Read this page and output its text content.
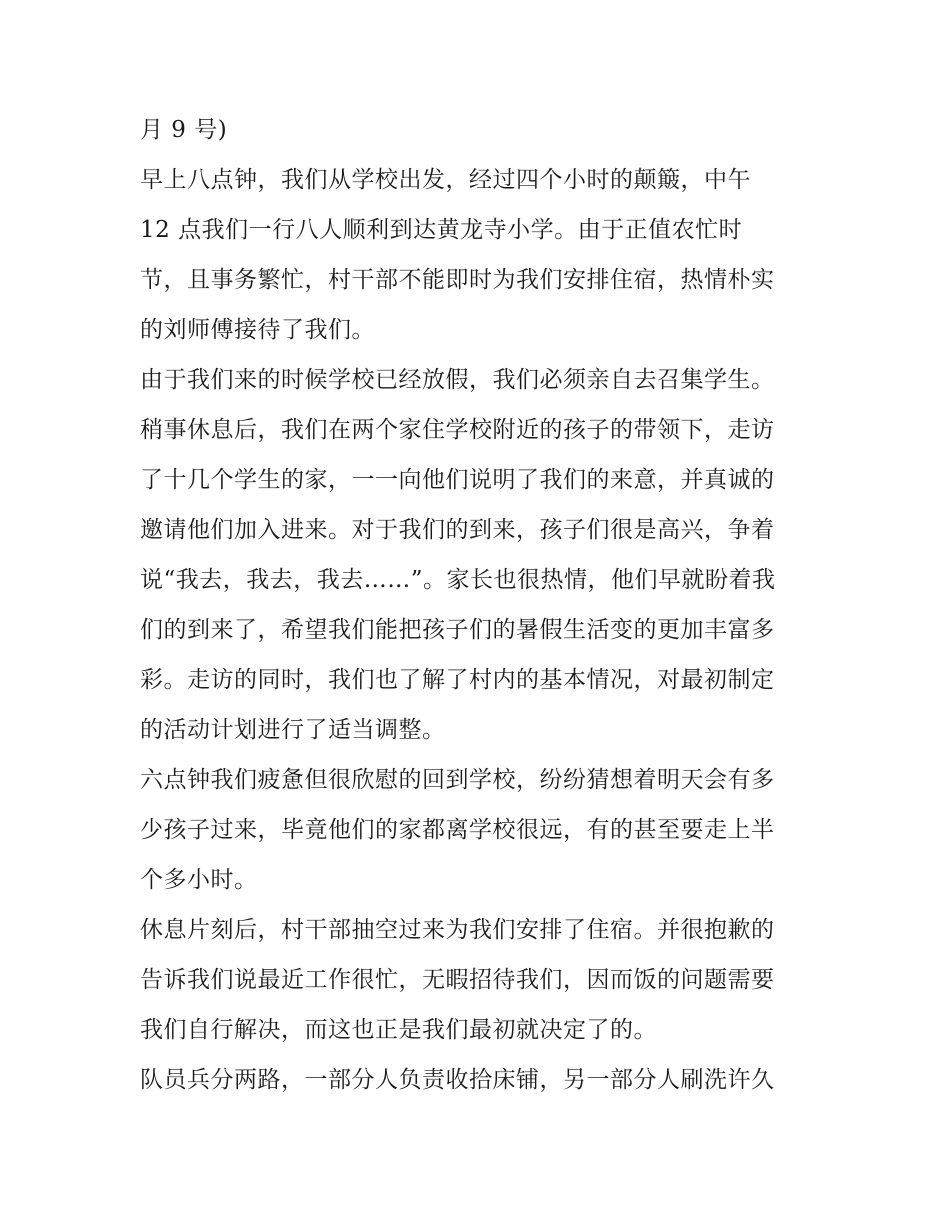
月 9 号)
早上八点钟，我们从学校出发，经过四个小时的颠簸，中午
12 点我们一行八人顺利到达黄龙寺小学。由于正值农忙时
节，且事务繁忙，村干部不能即时为我们安排住宿，热情朴实
的刘师傅接待了我们。
由于我们来的时候学校已经放假，我们必须亲自去召集学生。
稍事休息后，我们在两个家住学校附近的孩子的带领下，走访
了十几个学生的家，一一向他们说明了我们的来意，并真诚的
邀请他们加入进来。对于我们的到来，孩子们很是高兴，争着
说“我去，我去，我去……”。家长也很热情，他们早就盼着我
们的到来了，希望我们能把孩子们的暑假生活变的更加丰富多
彩。走访的同时，我们也了解了村内的基本情况，对最初制定
的活动计划进行了适当调整。
六点钟我们疲惫但很欣慰的回到学校，纷纷猜想着明天会有多
少孩子过来，毕竟他们的家都离学校很远，有的甚至要走上半
个多小时。
休息片刻后，村干部抽空过来为我们安排了住宿。并很抱歉的
告诉我们说最近工作很忙，无暇招待我们，因而饭的问题需要
我们自行解决，而这也正是我们最初就决定了的。
队员兵分两路，一部分人负责收拾床铺，另一部分人刷洗许久
